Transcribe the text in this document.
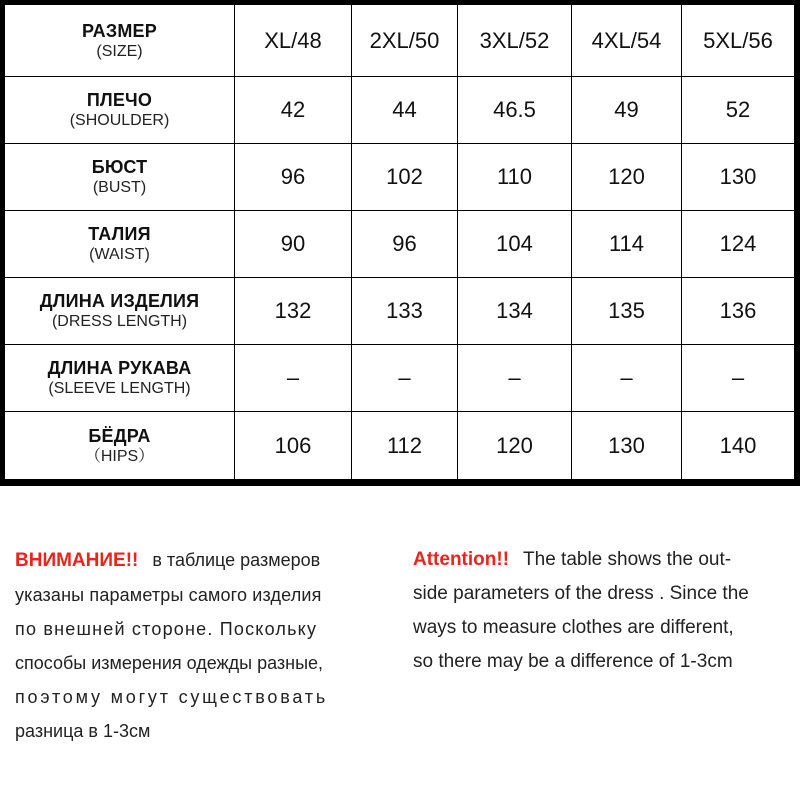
РАЗМЕР
(SIZE)	XL/48	2XL/50	3XL/52	4XL/54	5XL/56

ПЛЕЧО
(SHOULDER)	42	44	46.5	49	52

БЮСТ
(BUST)	96	102	110	120	130

ТАЛИЯ
(WAIST)	90	96	104	114	124

ДЛИНА ИЗДЕЛИЯ
(DRESS LENGTH)	132	133	134	135	136

ДЛИНА РУКАВА
(SLEEVE LENGTH)	–	–	–	–	–

БЁДРА
（HIPS）	106	112	120	130	140
ВНИМАНИЕ!! в таблице размеров
указаны параметры самого изделия
по внешней стороне. Поскольку
способы измерения одежды разные,
поэтому могут существовать
разница в 1-3см
Attention!! The table shows the out-
side parameters of the dress . Since the
ways to measure clothes are different,
so there may be a difference of 1-3cm
